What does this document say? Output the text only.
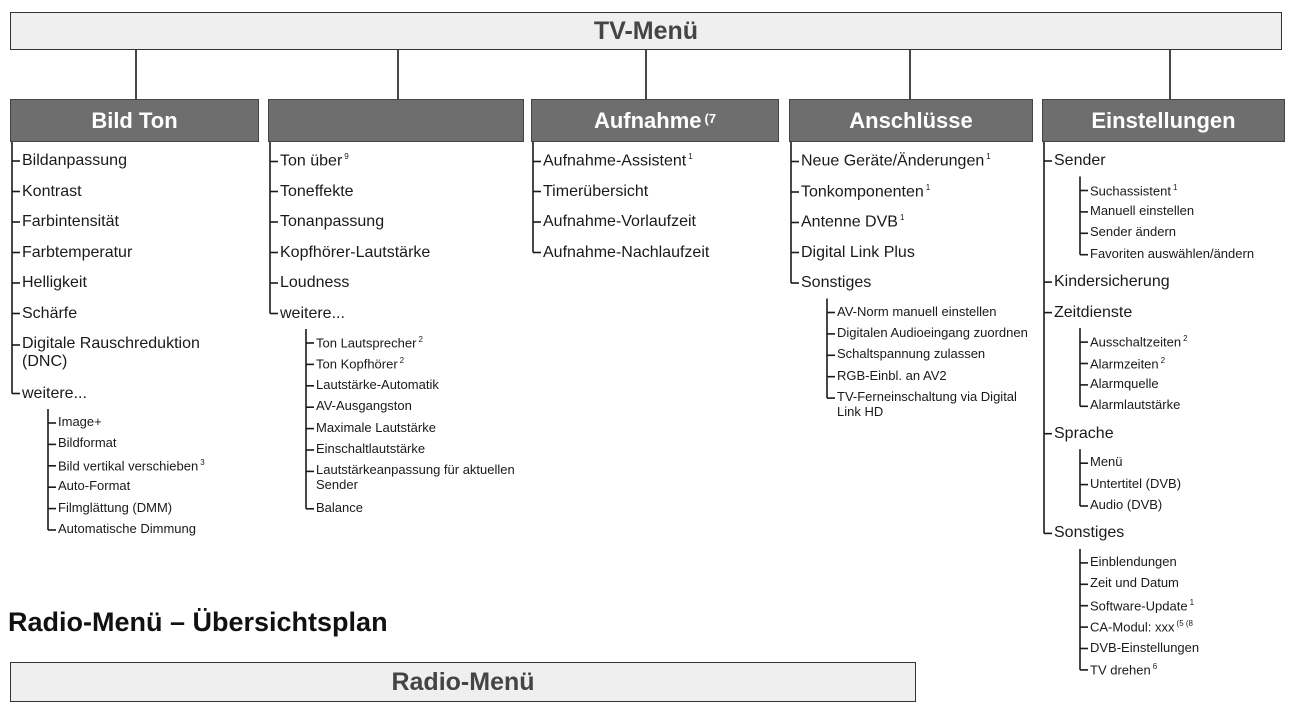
TV-Menü
Bild Ton
Bildanpassung
Kontrast
Farbintensität
Farbtemperatur
Helligkeit
Schärfe
Digitale Rauschreduktion (DNC)
weitere...
Image+
Bildformat
Bild vertikal verschieben $^3$
Auto-Format
Filmglättung (DMM)
Automatische Dimmung
Ton über $^9$
Toneffekte
Tonanpassung
Kopfhörer-Lautstärke
Loudness
weitere...
Ton Lautsprecher $^2$
Ton Kopfhörer $^2$
Lautstärke-Automatik
AV-Ausgangston
Maximale Lautstärke
Einschaltlautstärke
Lautstärkeanpassung für aktuellen Sender
Balance
Aufnahme$^{(7}$
Aufnahme-Assistent $^1$
Timerübersicht
Aufnahme-Vorlaufzeit
Aufnahme-Nachlaufzeit
Anschlüsse
Neue Geräte/Änderungen $^1$
Tonkomponenten $^1$
Antenne DVB $^1$
Digital Link Plus
Sonstiges
AV-Norm manuell einstellen
Digitalen Audioeingang zuordnen
Schaltspannung zulassen
RGB-Einbl. an AV2
TV-Ferneinschaltung via Digital Link HD
Einstellungen
Sender
Suchassistent $^1$
Manuell einstellen
Sender ändern
Favoriten auswählen/ändern
Kindersicherung
Zeitdienste
Ausschaltzeiten $^2$
Alarmzeiten $^2$
Alarmquelle
Alarmlautstärke
Sprache
Menü
Untertitel (DVB)
Audio (DVB)
Sonstiges
Einblendungen
Zeit und Datum
Software-Update $^1$
CA-Modul: xxx $^{(5 (8}$
DVB-Einstellungen
TV drehen $^6$
Radio-Menü – Übersichtsplan
Radio-Menü
